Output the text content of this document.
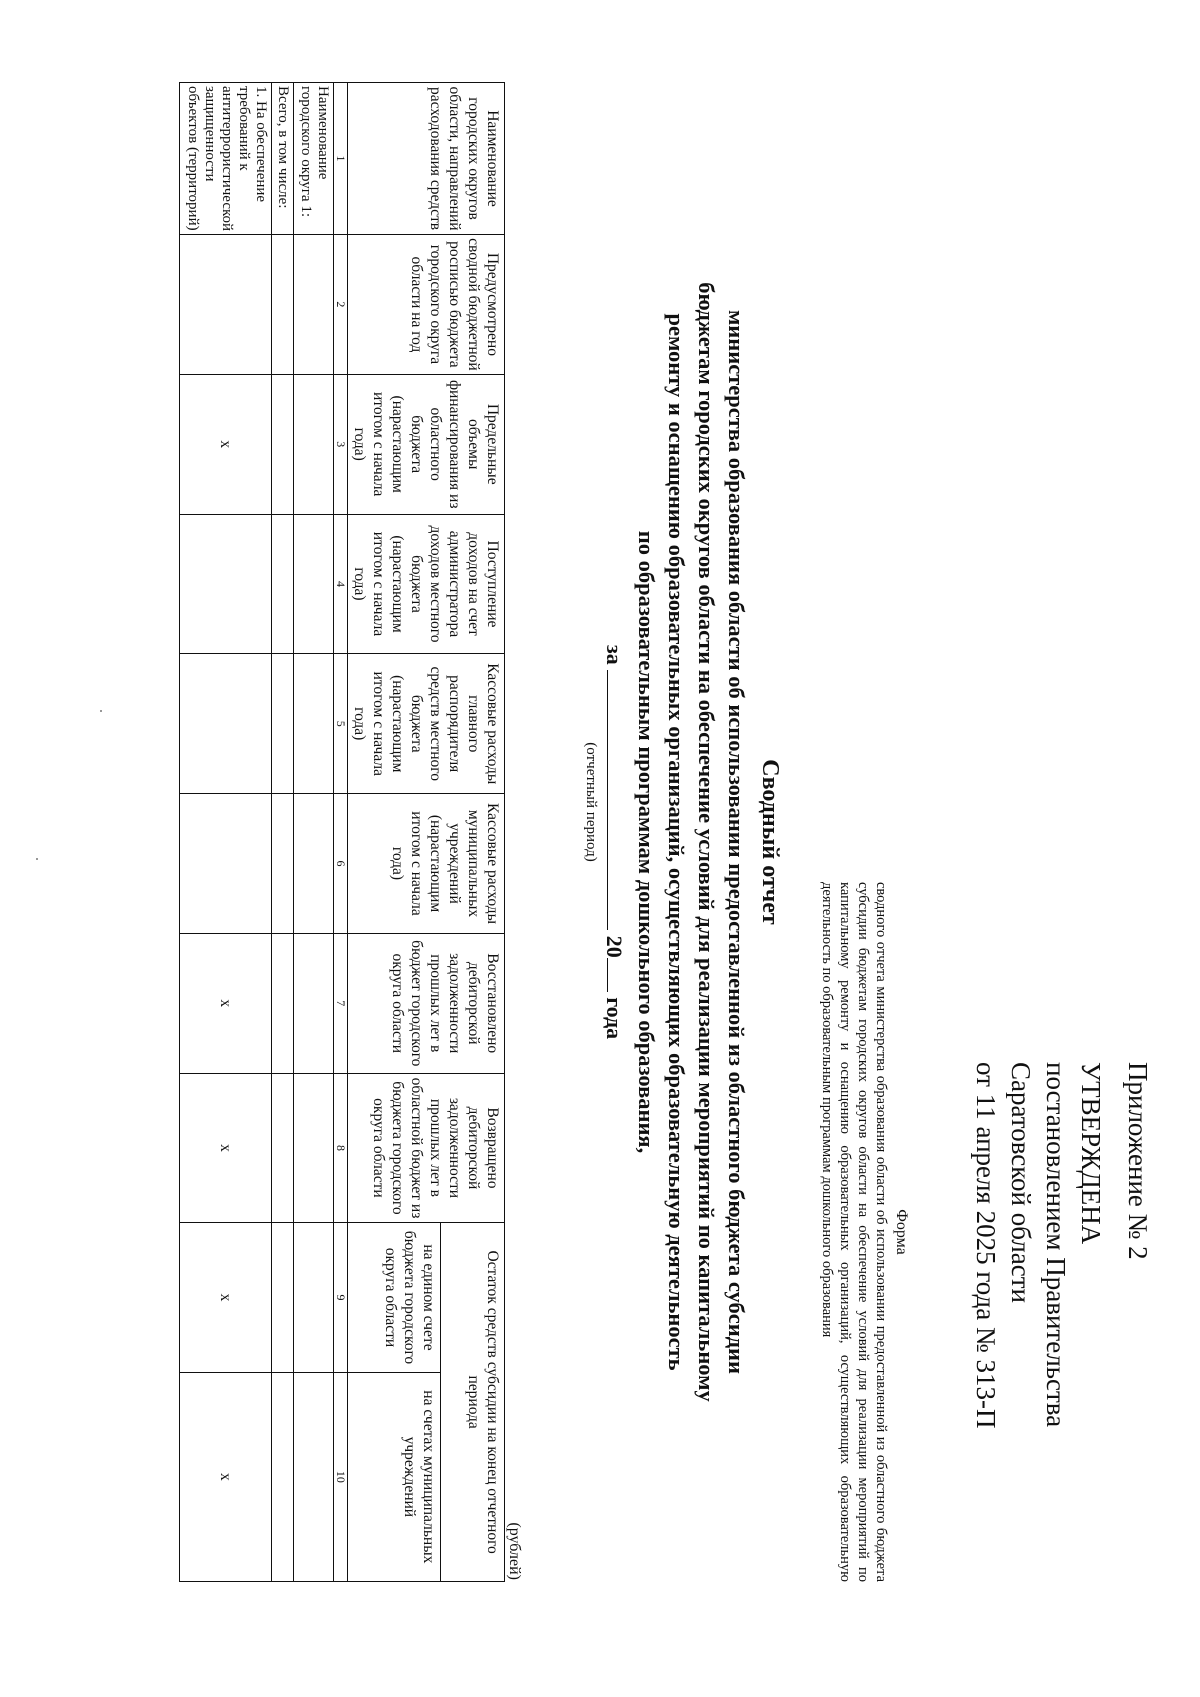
Приложение № 2
УТВЕРЖДЕНА
постановлением Правительства
Саратовской области
от 11 апреля 2025 года № 313-П
Форма
сводного отчета министерства образования области об использовании предоставленной из областного бюджета субсидии бюджетам городских округов области на обеспечение условий для реализации мероприятий по капитальному ремонту и оснащению образовательных организаций, осуществляющих образовательную деятельность по образовательным программам дошкольного образования
Сводный отчет
министерства образования области об использовании предоставленной из областного бюджета субсидии
бюджетам городских округов области на обеспечение условий для реализации мероприятий по капитальному
ремонту и оснащению образовательных организаций, осуществляющих образовательную деятельность
по образовательным программам дошкольного образования,
за  20 года
(отчетный период)
(рублей)
Наименование городских округов области, направлений расходования средств	Предусмотрено сводной бюджетной росписью бюджета городского округа области на год	Предельные объемы финансирования из областного бюджета (нарастающим итогом с начала года)	Поступление доходов на счет администратора доходов местного бюджета (нарастающим итогом с начала года)	Кассовые расходы главного распорядителя средств местного бюджета (нарастающим итогом с начала года)	Кассовые расходы муниципальных учреждений (нарастающим итогом с начала года)	Восстановлено дебиторской задолженности прошлых лет в бюджет городского округа области	Возвращено дебиторской задолженности прошлых лет в областной бюджет из бюджета городского округа области	Остаток средств субсидии на конец отчетного периода	
								на едином счете бюджета городского округа области	на счетах муниципальных учреждений
1	2	3	4	5	6	7	8	9	10
Наименование городского округа 1:									
Всего, в том числе:									
1. На обеспечение требований к антитеррористической защищенности объектов (территорий)		х				х	х	х	х
